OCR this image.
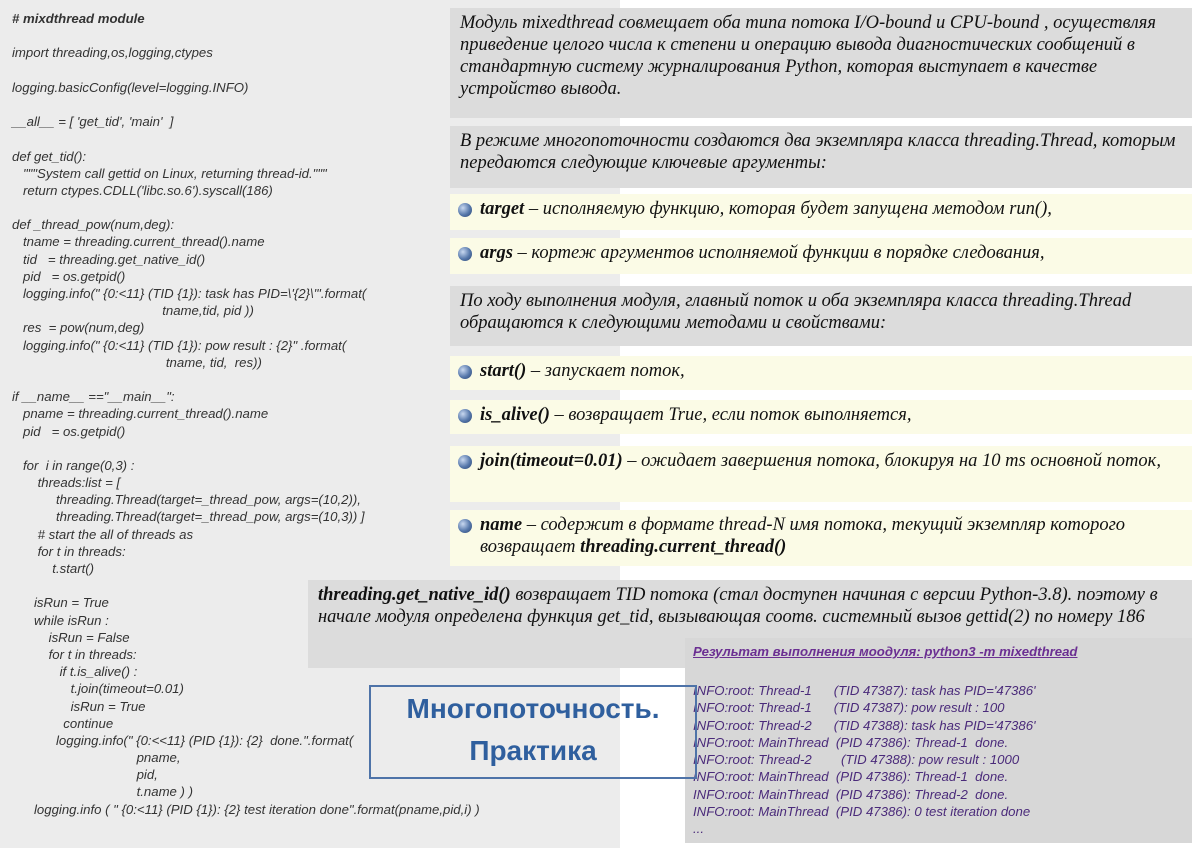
# mixdthread module
import threading,os,logging,ctypes
logging.basicConfig(level=logging.INFO)
__all__ = [ 'get_tid', 'main'  ]
def get_tid():
"""System call gettid on Linux, returning thread-id."""
return ctypes.CDLL('libc.so.6').syscall(186)
def _thread_pow(num,deg):
tname = threading.current_thread().name
tid   = threading.get_native_id()
pid   = os.getpid()
logging.info(" {0:<11} (TID {1}): task has PID=\'{2}\'".format(
tname,tid, pid ))
res  = pow(num,deg)
logging.info(" {0:<11} (TID {1}): pow result : {2}" .format(
tname, tid,  res))
if __name__ =="__main__":
pname = threading.current_thread().name
pid   = os.getpid()
for  i in range(0,3) :
threads:list = [
threading.Thread(target=_thread_pow, args=(10,2)),
threading.Thread(target=_thread_pow, args=(10,3)) ]
# start the all of threads as
for t in threads:
t.start()
isRun = True
while isRun :
isRun = False
for t in threads:
if t.is_alive() :
t.join(timeout=0.01)
isRun = True
continue
logging.info(" {0:<<11} (PID {1}): {2}  done.".format(
pname,
pid,
t.name ) )
logging.info ( " {0:<11} (PID {1}): {2} test iteration done".format(pname,pid,i) )
Модуль mixedthread совмещает оба типа потока I/O-bound и CPU-bound , осуществляя приведение целого числа к степени и операцию вывода диагностических сообщений в стандартную систему журналирования Python, которая выступает в качестве устройство вывода.
В режиме многопоточности создаются два экземпляра класса threading.Thread, которым передаются следующие ключевые аргументы:
target – исполняемую функцию, которая будет запущена методом run(),
args – кортеж аргументов исполняемой функции в порядке следования,
По ходу выполнения модуля, главный поток и оба экземпляра класса threading.Thread обращаются к следующими методами и свойствами:
start() – запускает поток,
is_alive() – возвращает True, если поток выполняется,
join(timeout=0.01) – ожидает завершения потока, блокируя на 10 ms основной поток,
name – содержит в формате thread-N имя потока, текущий экземпляр которого возвращает threading.current_thread()
threading.get_native_id() возвращает TID потока (стал доступен начиная с версии Python-3.8). поэтому в начале модуля определена функция get_tid, вызывающая соотв. системный вызов gettid(2) по номеру 186
Результат выполнения моодуля: python3 -m mixedthread
INFO:root: Thread-1      (TID 47387): task has PID='47386'
INFO:root: Thread-1      (TID 47387): pow result : 100
INFO:root: Thread-2      (TID 47388): task has PID='47386'
INFO:root: MainThread  (PID 47386): Thread-1  done.
INFO:root: Thread-2        (TID 47388): pow result : 1000
INFO:root: MainThread  (PID 47386): Thread-1  done.
INFO:root: MainThread  (PID 47386): Thread-2  done.
INFO:root: MainThread  (PID 47386): 0 test iteration done
...
Многопоточность.
Практика
